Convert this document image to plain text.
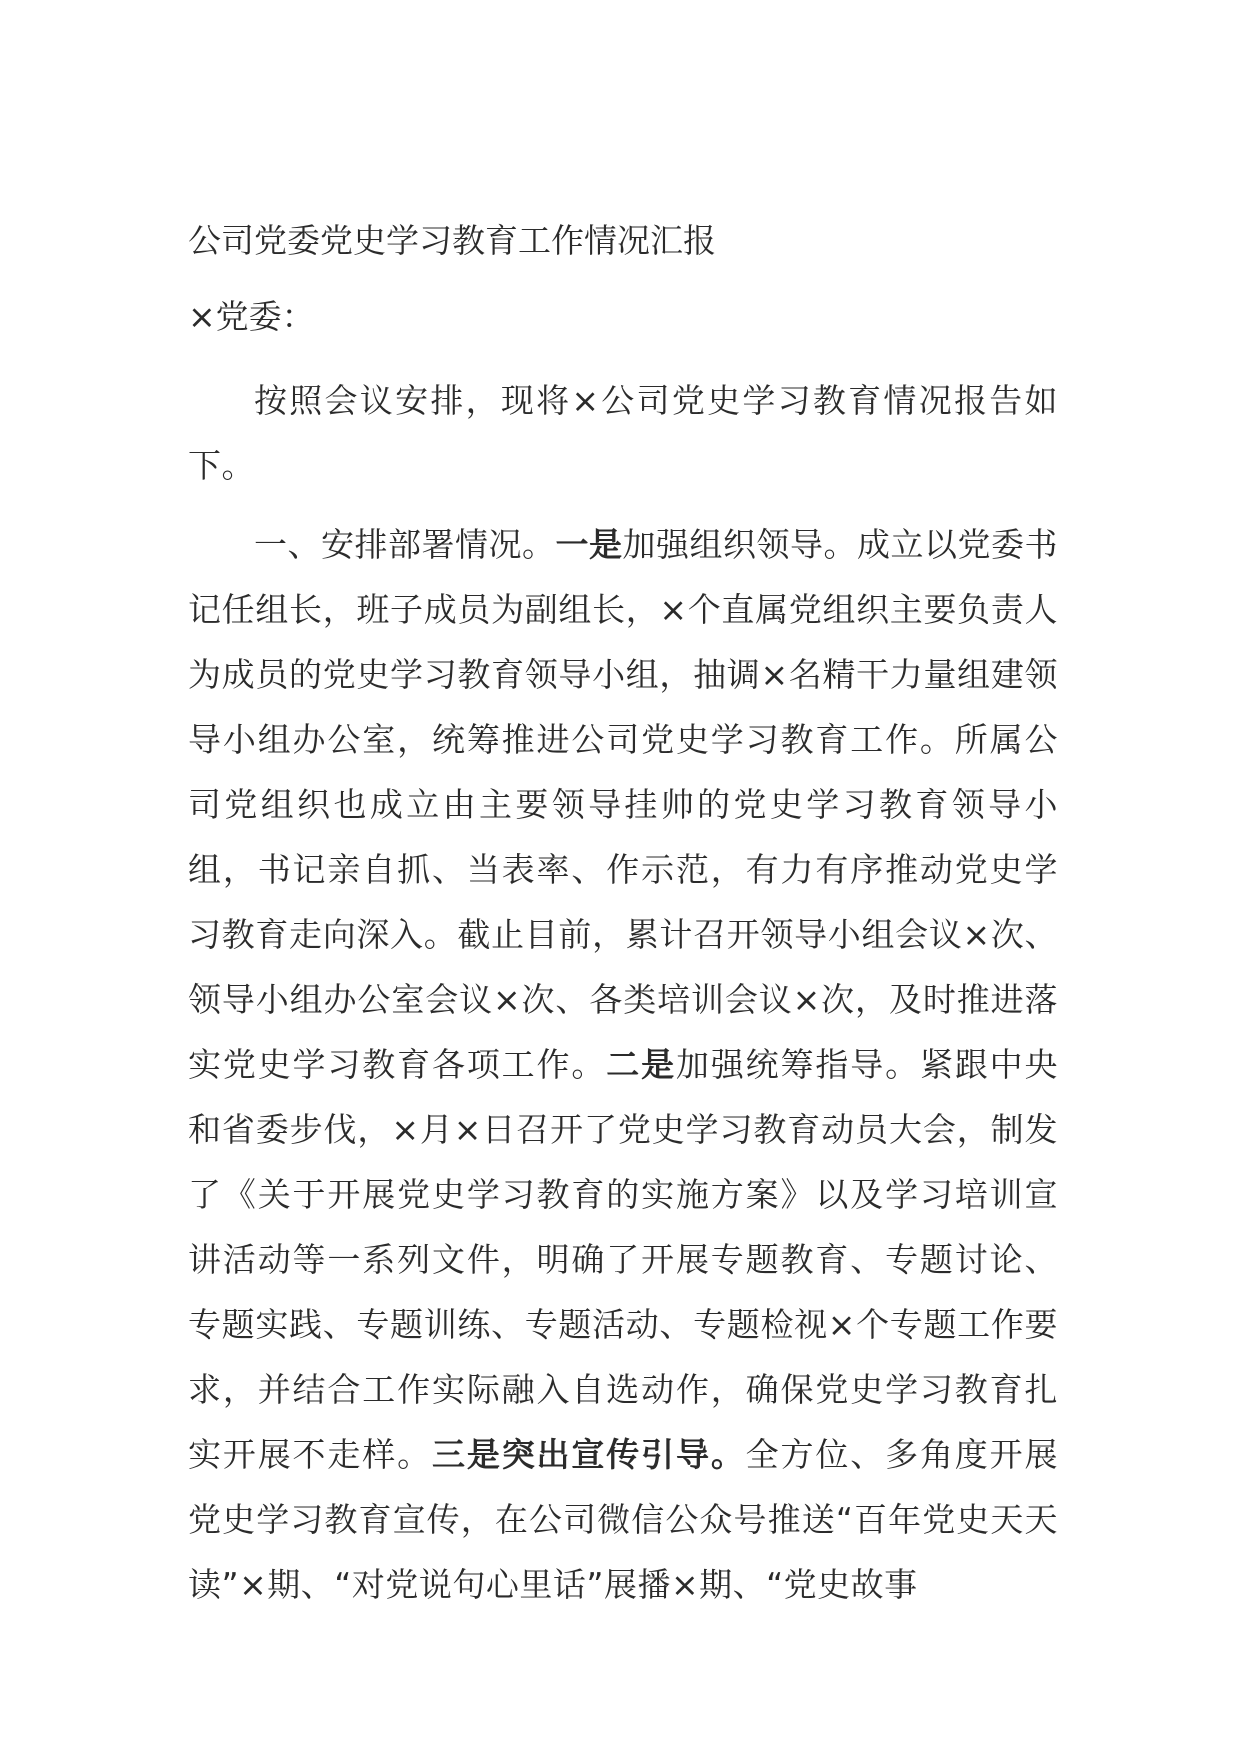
公司党委党史学习教育工作情况汇报

×党委：

按照会议安排，现将×公司党史学习教育情况报告如下。

一、安排部署情况。一是加强组织领导。成立以党委书记任组长，班子成员为副组长，×个直属党组织主要负责人为成员的党史学习教育领导小组，抽调×名精干力量组建领导小组办公室，统筹推进公司党史学习教育工作。所属公司党组织也成立由主要领导挂帅的党史学习教育领导小组，书记亲自抓、当表率、作示范，有力有序推动党史学习教育走向深入。截止目前，累计召开领导小组会议×次、领导小组办公室会议×次、各类培训会议×次，及时推进落实党史学习教育各项工作。二是加强统筹指导。紧跟中央和省委步伐，×月×日召开了党史学习教育动员大会，制发了《关于开展党史学习教育的实施方案》以及学习培训宣讲活动等一系列文件，明确了开展专题教育、专题讨论、专题实践、专题训练、专题活动、专题检视×个专题工作要求，并结合工作实际融入自选动作，确保党史学习教育扎实开展不走样。三是突出宣传引导。全方位、多角度开展党史学习教育宣传，在公司微信公众号推送“百年党史天天读”×期、“对党说句心里话”展播×期、“党史故事
